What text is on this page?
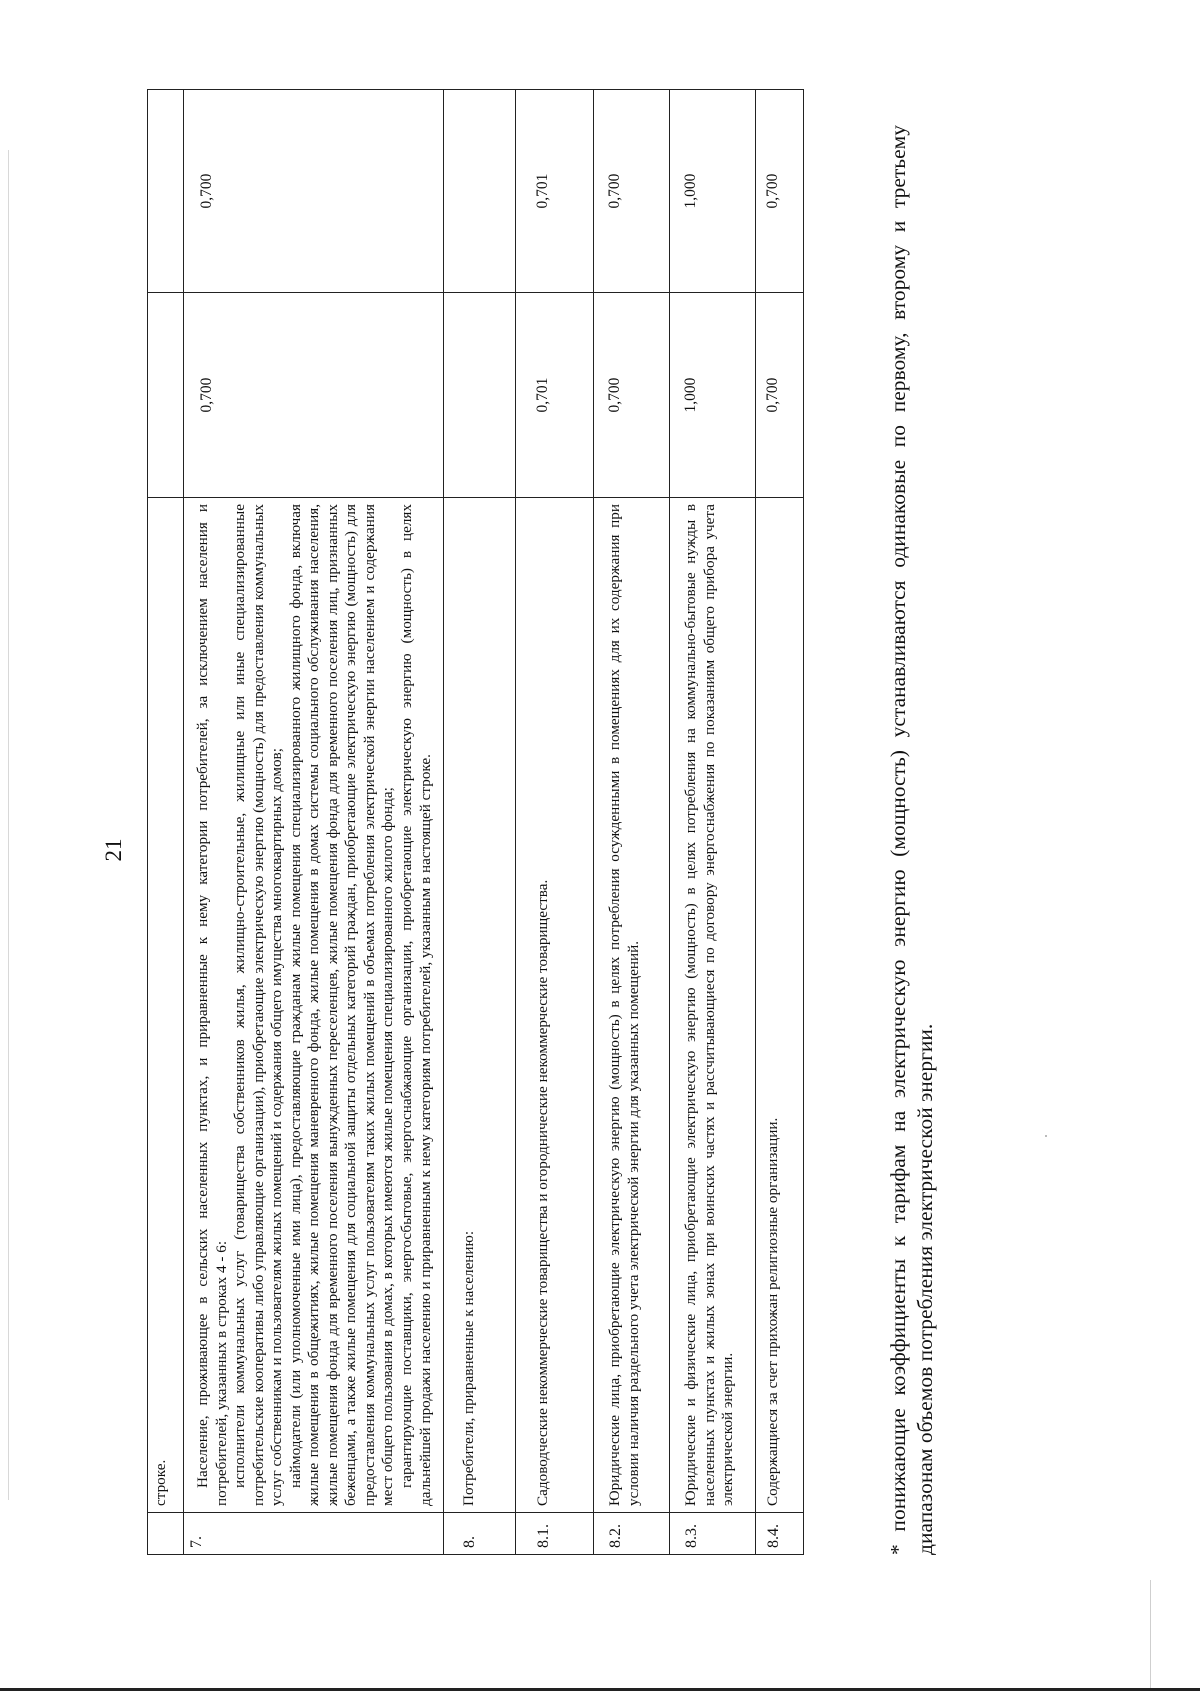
21
	строке.		
7.	Население, проживающее в сельских населенных пунктах, и приравненные к нему категории потребителей, за исключением населения и потребителей, указанных в строках 4 - 6: исполнители коммунальных услуг (товарищества собственников жилья, жилищно-строительные, жилищные или иные специализированные потребительские кооперативы либо управляющие организации), приобретающие электрическую энергию (мощность) для предоставления коммунальных услуг собственникам и пользователям жилых помещений и содержания общего имущества многоквартирных домов; наймодатели (или уполномоченные ими лица), предоставляющие гражданам жилые помещения специализированного жилищного фонда, включая жилые помещения в общежитиях, жилые помещения маневренного фонда, жилые помещения в домах системы социального обслуживания населения, жилые помещения фонда для временного поселения вынужденных переселенцев, жилые помещения фонда для временного поселения лиц, признанных беженцами, а также жилые помещения для социальной защиты отдельных категорий граждан, приобретающие электрическую энергию (мощность) для предоставления коммунальных услуг пользователям таких жилых помещений в объемах потребления электрической энергии населением и содержания мест общего пользования в домах, в которых имеются жилые помещения специализированного жилого фонда; гарантирующие поставщики, энергосбытовые, энергоснабжающие организации, приобретающие электрическую энергию (мощность) в целях дальнейшей продажи населению и приравненным к нему категориям потребителей, указанным в настоящей строке.	0,700	0,700
8.	Потребители, приравненные к населению:		
8.1.	Садоводческие некоммерческие товарищества и огороднические некоммерческие товарищества.	0,701	0,701
8.2.	Юридические лица, приобретающие электрическую энергию (мощность) в целях потребления осужденными в помещениях для их содержания при условии наличия раздельного учета электрической энергии для указанных помещений.	0,700	0,700
8.3.	Юридические и физические лица, приобретающие электрическую энергию (мощность) в целях потребления на коммунально-бытовые нужды в населенных пунктах и жилых зонах при воинских частях и рассчитывающиеся по договору энергоснабжения по показаниям общего прибора учета электрической энергии.	1,000	1,000
8.4.	Содержащиеся за счет прихожан религиозные организации.	0,700	0,700	* понижающие коэффициенты к тарифам на электрическую энергию (мощность) устанавливаются одинаковые по первому, второму и третьему диапазонам объемов потребления электрической энергии.
